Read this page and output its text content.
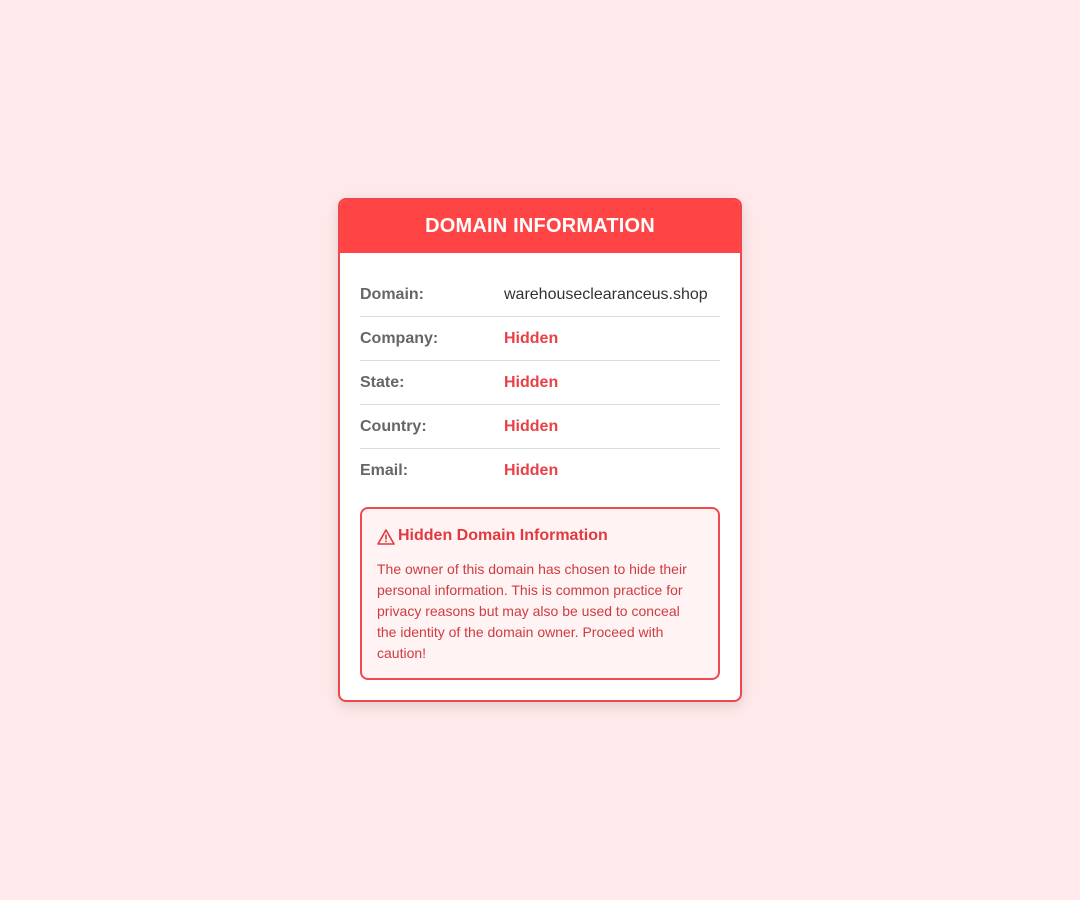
DOMAIN INFORMATION
Domain:	warehouseclearanceus.shop
Company:	Hidden
State:	Hidden
Country:	Hidden
Email:	Hidden
Hidden Domain Information
The owner of this domain has chosen to hide their personal information. This is common practice for privacy reasons but may also be used to conceal the identity of the domain owner. Proceed with caution!
